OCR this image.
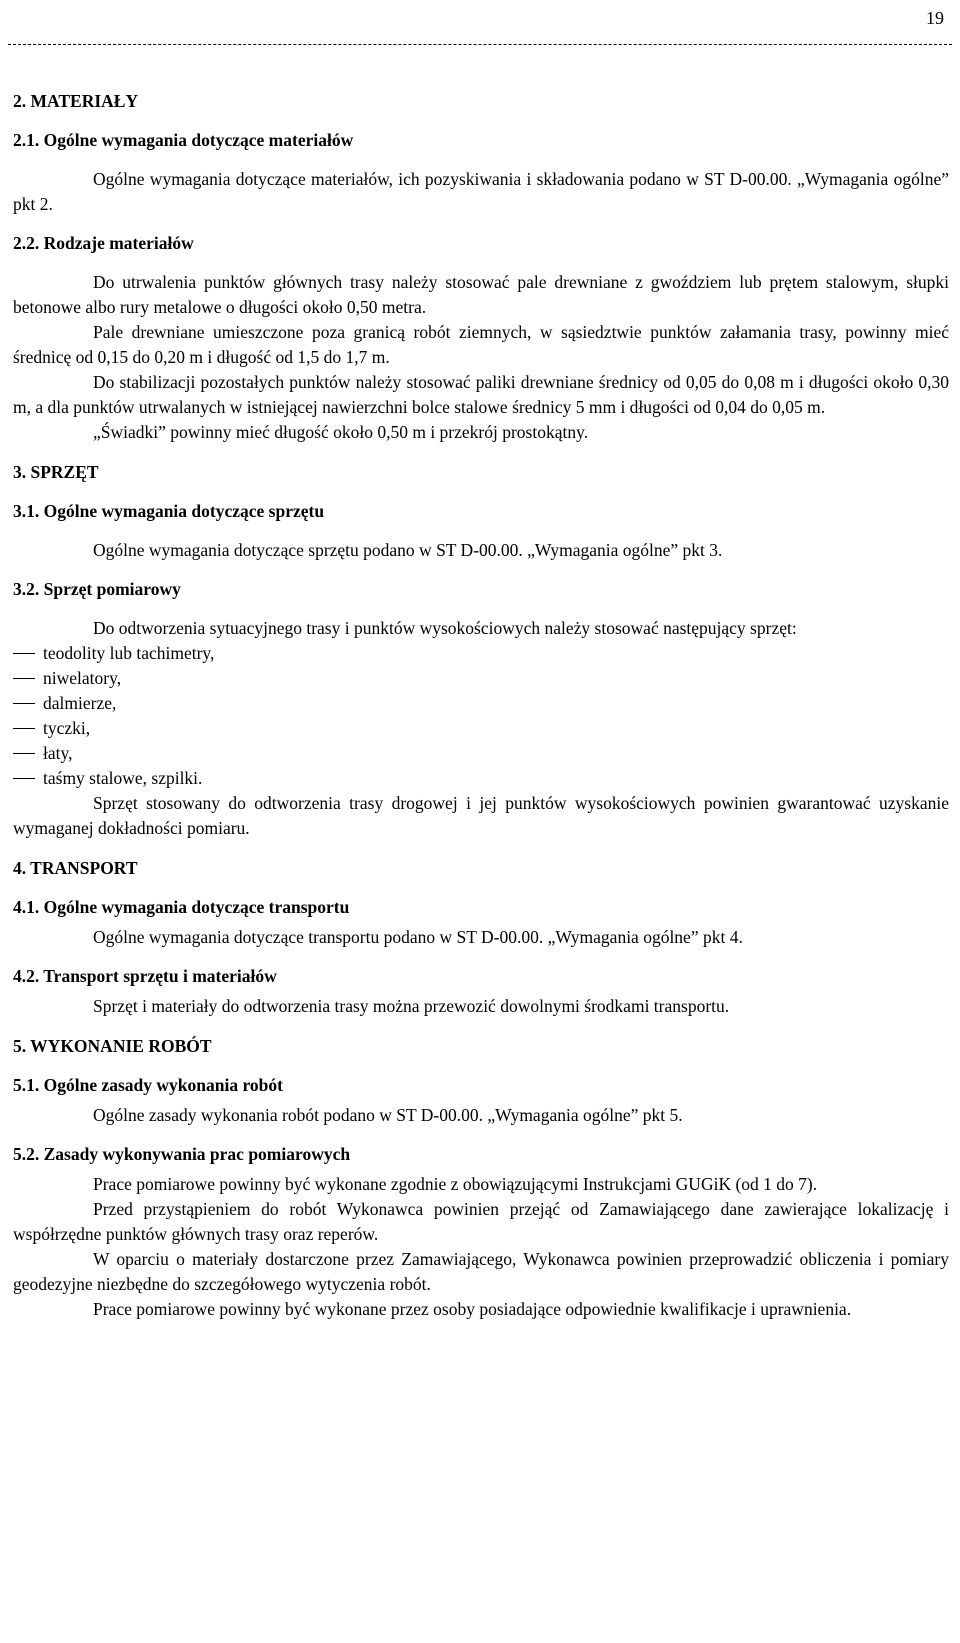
19
2. MATERIAŁY
2.1. Ogólne wymagania dotyczące materiałów

Ogólne wymagania dotyczące materiałów, ich pozyskiwania i składowania podano w ST D-00.00. „Wymagania ogólne” pkt 2.

2.2. Rodzaje materiałów

Do utrwalenia punktów głównych trasy należy stosować pale drewniane z gwoździem lub prętem stalowym, słupki betonowe albo rury metalowe o długości około 0,50 metra.

Pale drewniane umieszczone poza granicą robót ziemnych, w sąsiedztwie punktów załamania trasy, powinny mieć średnicę od 0,15 do 0,20 m i długość od 1,5 do 1,7 m.

Do stabilizacji pozostałych punktów należy stosować paliki drewniane średnicy od 0,05 do 0,08 m i długości około 0,30 m, a dla punktów utrwalanych w istniejącej nawierzchni bolce stalowe średnicy 5 mm i długości od 0,04 do 0,05 m.

„Świadki” powinny mieć długość około 0,50 m i przekrój prostokątny.

3. SPRZĘT
3.1. Ogólne wymagania dotyczące sprzętu

Ogólne wymagania dotyczące sprzętu podano w ST D-00.00. „Wymagania ogólne” pkt 3.

3.2. Sprzęt pomiarowy

Do odtworzenia sytuacyjnego trasy i punktów wysokościowych należy stosować następujący sprzęt:

teodolity lub tachimetry,
niwelatory,
dalmierze,
tyczki,
łaty,
taśmy stalowe, szpilki.

Sprzęt stosowany do odtworzenia trasy drogowej i jej punktów wysokościowych powinien gwarantować uzyskanie wymaganej dokładności pomiaru.

4. TRANSPORT
4.1. Ogólne wymagania dotyczące transportu

Ogólne wymagania dotyczące transportu podano w ST D-00.00. „Wymagania ogólne” pkt 4.

4.2. Transport sprzętu i materiałów

Sprzęt i materiały do odtworzenia trasy można przewozić dowolnymi środkami transportu.

5. WYKONANIE ROBÓT
5.1. Ogólne zasady wykonania robót

Ogólne zasady wykonania robót podano w ST D-00.00. „Wymagania ogólne” pkt 5.

5.2. Zasady wykonywania prac pomiarowych

Prace pomiarowe powinny być wykonane zgodnie z obowiązującymi Instrukcjami GUGiK (od 1 do 7).

Przed przystąpieniem do robót Wykonawca powinien przejąć od Zamawiającego dane zawierające lokalizację i współrzędne punktów głównych trasy oraz reperów.

W oparciu o materiały dostarczone przez Zamawiającego, Wykonawca powinien przeprowadzić obliczenia i pomiary geodezyjne niezbędne do szczegółowego wytyczenia robót.

Prace pomiarowe powinny być wykonane przez osoby posiadające odpowiednie kwalifikacje i uprawnienia.
